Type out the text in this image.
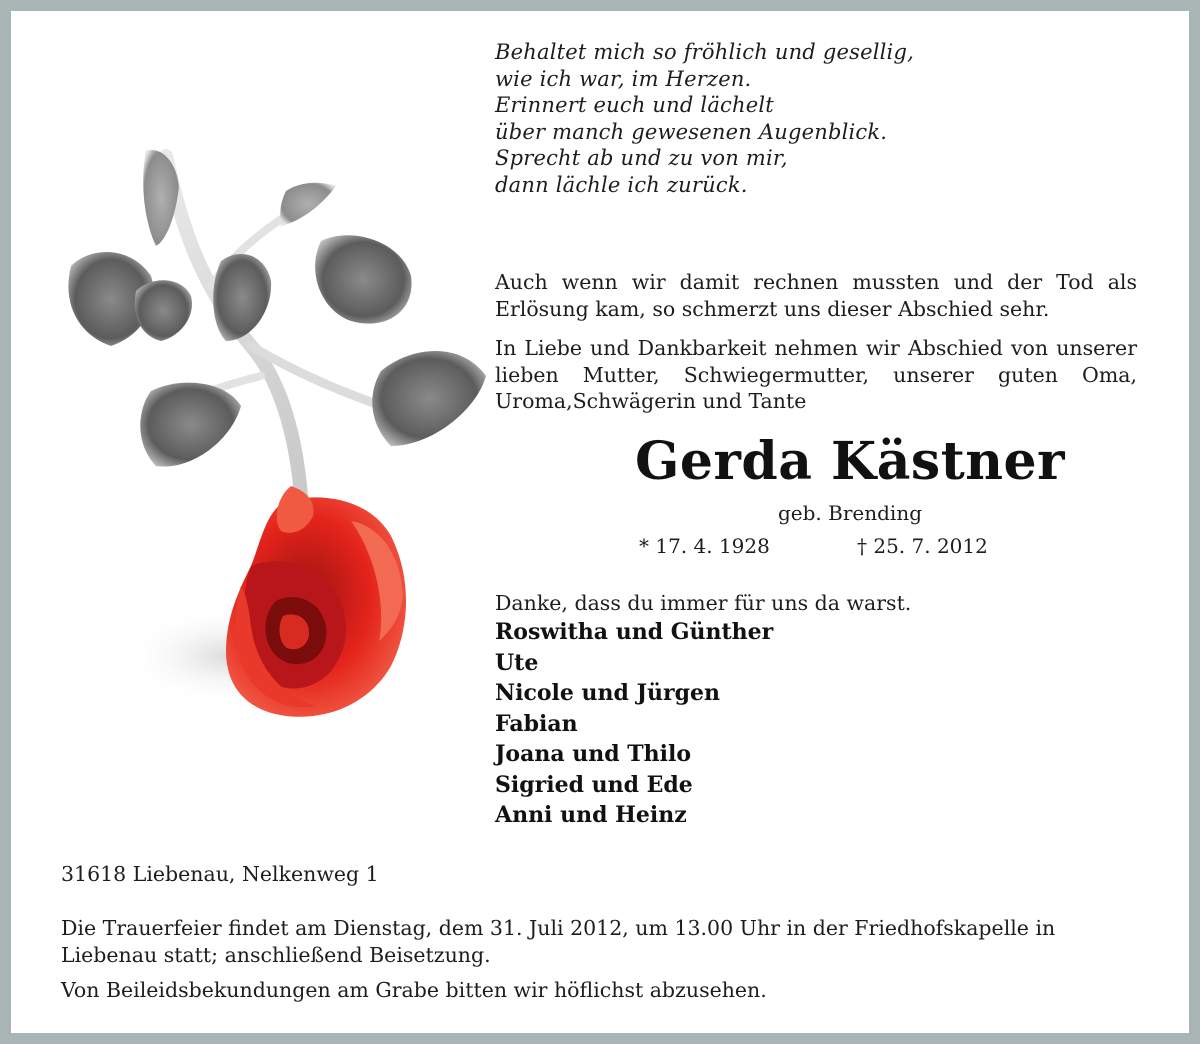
Behaltet mich so fröhlich und gesellig,
wie ich war, im Herzen.
Erinnert euch und lächelt
über manch gewesenen Augenblick.
Sprecht ab und zu von mir,
dann lächle ich zurück.
Auch wenn wir damit rechnen mussten und der Tod als Erlösung kam, so schmerzt uns dieser Abschied sehr.
In Liebe und Dankbarkeit nehmen wir Abschied von unserer lieben Mutter, Schwiegermutter, unserer guten Oma, Uroma,Schwägerin und Tante
Gerda Kästner
geb. Brending
* 17. 4. 1928	† 25. 7. 2012
Danke, dass du immer für uns da warst.
Roswitha und Günther
Ute
Nicole und Jürgen
Fabian
Joana und Thilo
Sigried und Ede
Anni und Heinz
31618 Liebenau, Nelkenweg 1
Die Trauerfeier findet am Dienstag, dem 31. Juli 2012, um 13.00 Uhr in der Friedhofskapelle in Liebenau statt; anschließend Beisetzung.
Von Beileidsbekundungen am Grabe bitten wir höflichst abzusehen.
